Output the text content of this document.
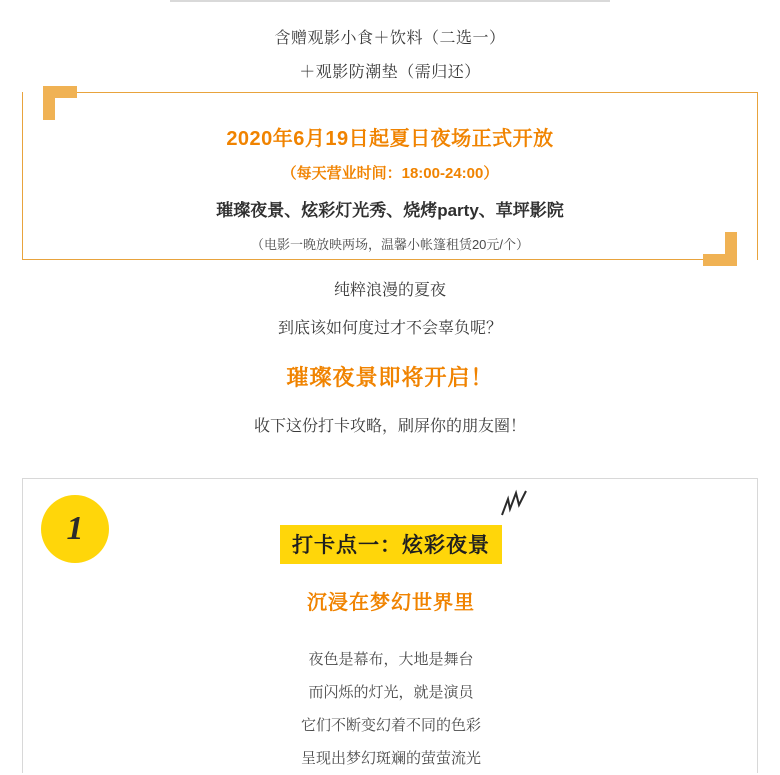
含赠观影小食＋饮料（二选一）
＋观影防潮垫（需归还）
2020年6月19日起夏日夜场正式开放
（每天营业时间：18:00-24:00）
璀璨夜景、炫彩灯光秀、烧烤party、草坪影院
（电影一晚放映两场，温馨小帐篷租赁20元/个）
纯粹浪漫的夏夜
到底该如何度过才不会辜负呢？
璀璨夜景即将开启！
收下这份打卡攻略，刷屏你的朋友圈！
1	打卡点一：炫彩夜景
沉浸在梦幻世界里
夜色是幕布，大地是舞台
而闪烁的灯光，就是演员
它们不断变幻着不同的色彩
呈现出梦幻斑斓的萤萤流光
